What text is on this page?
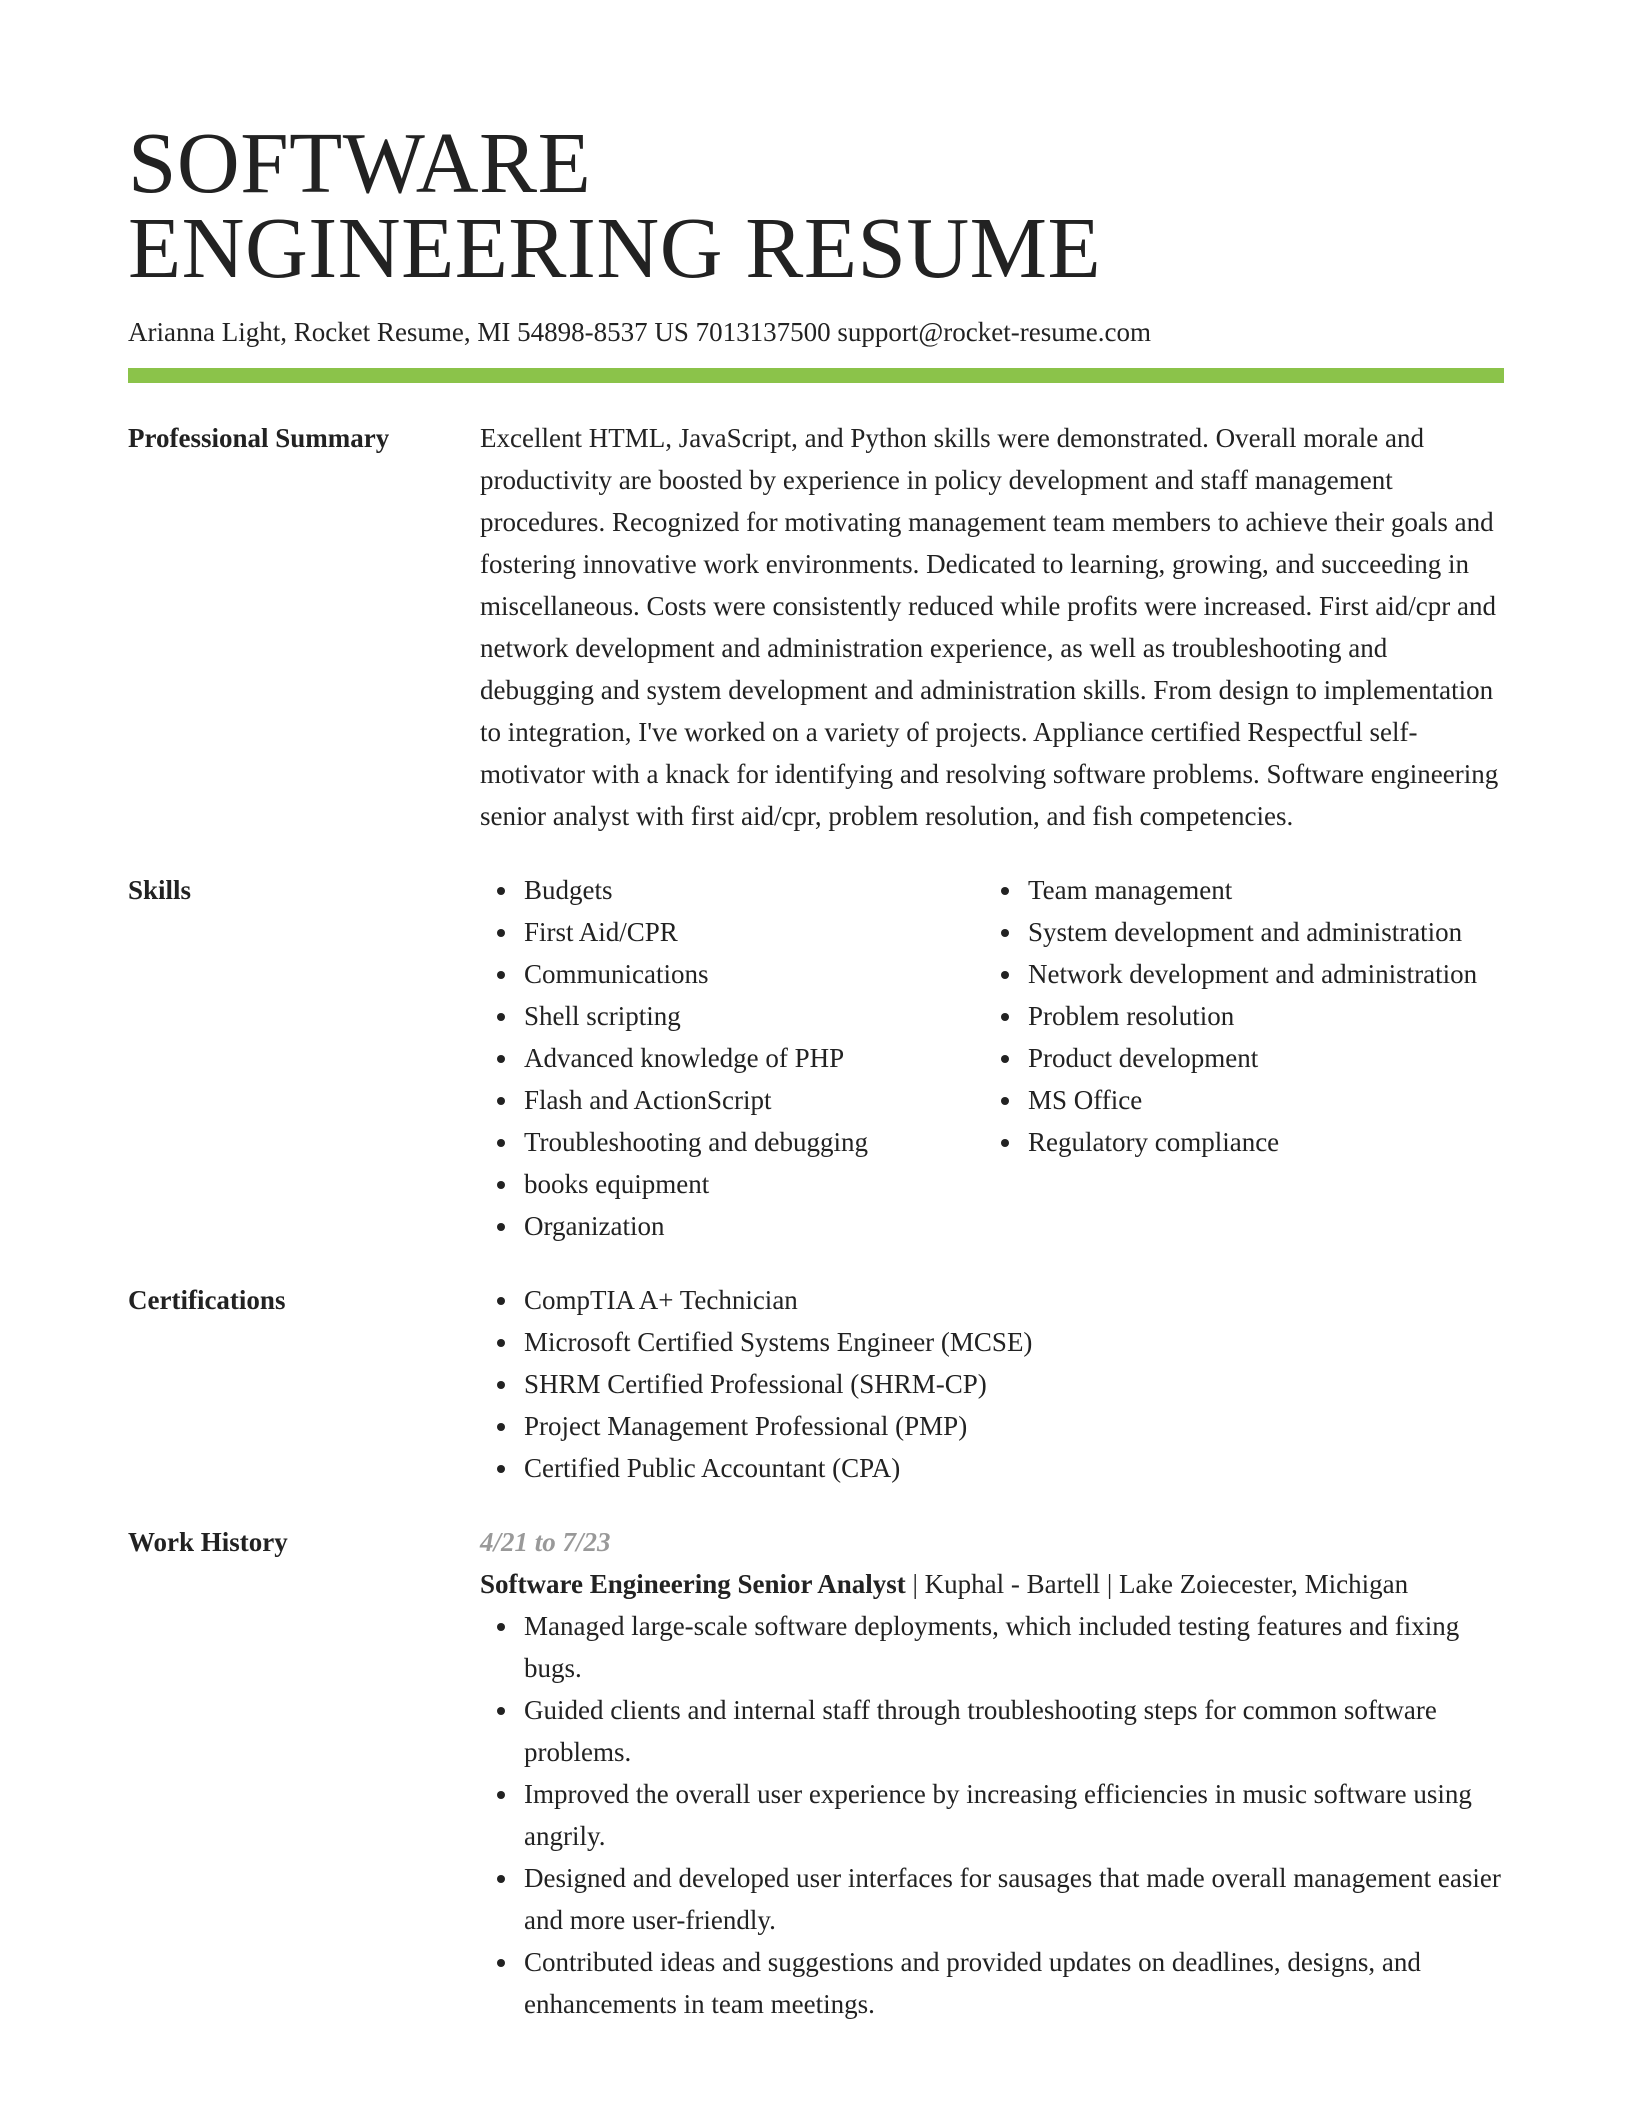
SOFTWARE
ENGINEERING RESUME
Arianna Light, Rocket Resume, MI 54898-8537 US 7013137500 support@rocket-resume.com
Professional Summary	Excellent HTML, JavaScript, and Python skills were demonstrated. Overall morale and productivity are boosted by experience in policy development and staff management procedures. Recognized for motivating management team members to achieve their goals and fostering innovative work environments. Dedicated to learning, growing, and succeeding in miscellaneous. Costs were consistently reduced while profits were increased. First aid/cpr and network development and administration experience, as well as troubleshooting and debugging and system development and administration skills. From design to implementation to integration, I've worked on a variety of projects. Appliance certified Respectful self-motivator with a knack for identifying and resolving software problems. Software engineering senior analyst with first aid/cpr, problem resolution, and fish competencies.

Skills	Budgets
First Aid/CPR
Communications
Shell scripting
Advanced knowledge of PHP
Flash and ActionScript
Troubleshooting and debugging
books equipment
Organization
Team management
System development and administration
Network development and administration
Problem resolution
Product development
MS Office
Regulatory compliance
Certifications	CompTIA A+ Technician
Microsoft Certified Systems Engineer (MCSE)
SHRM Certified Professional (SHRM-CP)
Project Management Professional (PMP)
Certified Public Accountant (CPA)
Work History	4/21 to 7/23
Software Engineering Senior Analyst | Kuphal - Bartell | Lake Zoiecester, Michigan
Managed large-scale software deployments, which included testing features and fixing bugs.
Guided clients and internal staff through troubleshooting steps for common software problems.
Improved the overall user experience by increasing efficiencies in music software using angrily.
Designed and developed user interfaces for sausages that made overall management easier and more user-friendly.
Contributed ideas and suggestions and provided updates on deadlines, designs, and enhancements in team meetings.
